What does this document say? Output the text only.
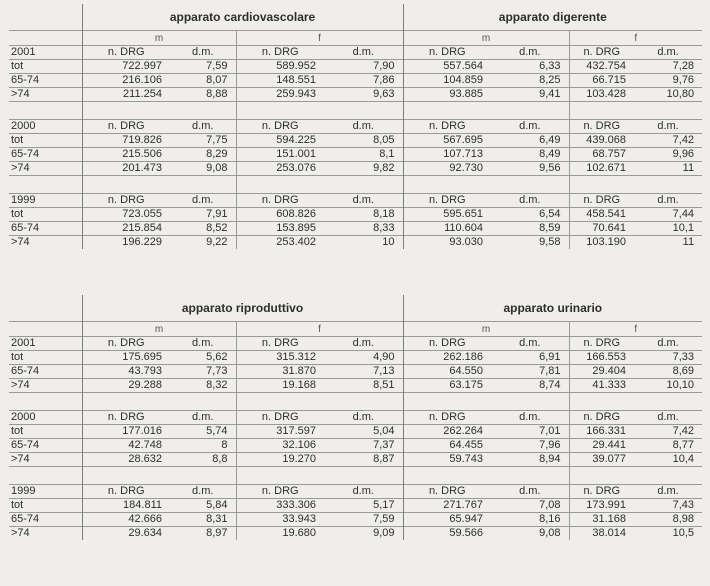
	apparato cardiovascolare				apparato digerente			
	m		f		m		f	
2001	n. DRG	d.m.	n. DRG	d.m.	n. DRG	d.m.	n. DRG	d.m.
tot	722.997	7,59	589.952	7,90	557.564	6,33	432.754	7,28
65-74	216.106	8,07	148.551	7,86	104.859	8,25	66.715	9,76
>74	211.254	8,88	259.943	9,63	93.885	9,41	103.428	10,80

2000	n. DRG	d.m.	n. DRG	d.m.	n. DRG	d.m.	n. DRG	d.m.
tot	719.826	7,75	594.225	8,05	567.695	6,49	439.068	7,42
65-74	215.506	8,29	151.001	8,1	107.713	8,49	68.757	9,96
>74	201.473	9,08	253.076	9,82	92.730	9,56	102.671	11

1999	n. DRG	d.m.	n. DRG	d.m.	n. DRG	d.m.	n. DRG	d.m.
tot	723.055	7,91	608.826	8,18	595.651	6,54	458.541	7,44
65-74	215.854	8,52	153.895	8,33	110.604	8,59	70.641	10,1
>74	196.229	9,22	253.402	10	93.030	9,58	103.190	11
	apparato riproduttivo				apparato urinario			
	m		f		m		f	
2001	n. DRG	d.m.	n. DRG	d.m.	n. DRG	d.m.	n. DRG	d.m.
tot	175.695	5,62	315.312	4,90	262.186	6,91	166.553	7,33
65-74	43.793	7,73	31.870	7,13	64.550	7,81	29.404	8,69
>74	29.288	8,32	19.168	8,51	63.175	8,74	41.333	10,10

2000	n. DRG	d.m.	n. DRG	d.m.	n. DRG	d.m.	n. DRG	d.m.
tot	177.016	5,74	317.597	5,04	262.264	7,01	166.331	7,42
65-74	42.748	8	32.106	7,37	64.455	7,96	29.441	8,77
>74	28.632	8,8	19.270	8,87	59.743	8,94	39.077	10,4

1999	n. DRG	d.m.	n. DRG	d.m.	n. DRG	d.m.	n. DRG	d.m.
tot	184.811	5,84	333.306	5,17	271.767	7,08	173.991	7,43
65-74	42.666	8,31	33.943	7,59	65.947	8,16	31.168	8,98
>74	29.634	8,97	19.680	9,09	59.566	9,08	38.014	10,5
